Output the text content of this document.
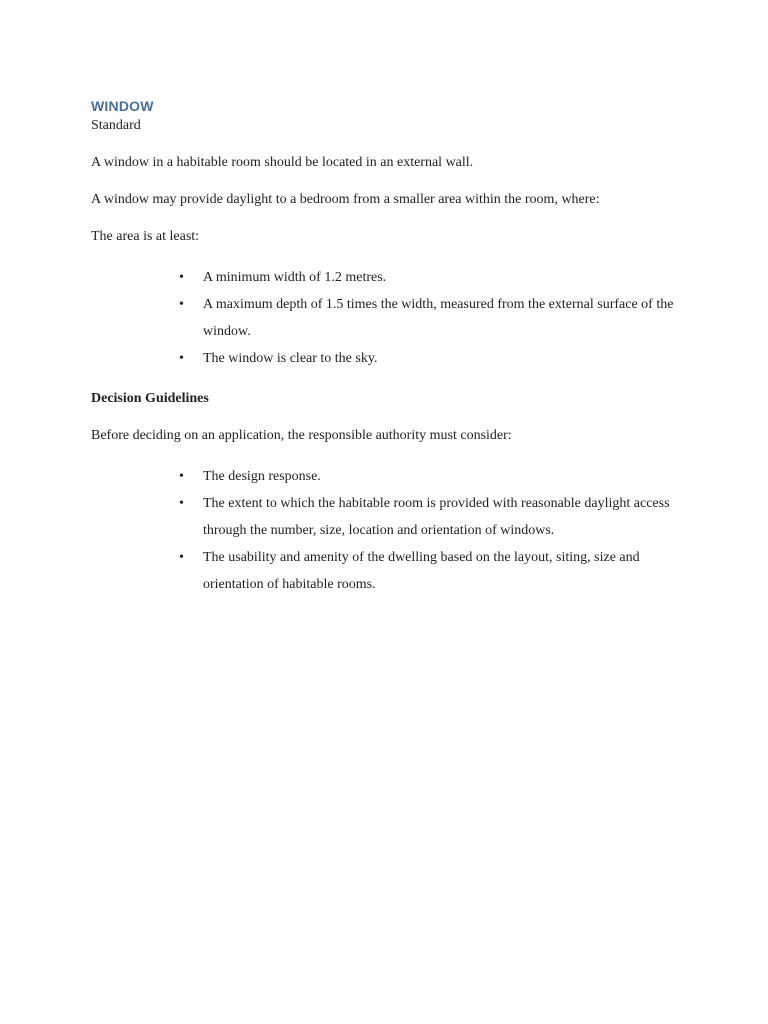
WINDOW
Standard

A window in a habitable room should be located in an external wall.

A window may provide daylight to a bedroom from a smaller area within the room, where:

The area is at least:

• A minimum width of 1.2 metres.
• A maximum depth of 1.5 times the width, measured from the external surface of the window.
• The window is clear to the sky.

Decision Guidelines

Before deciding on an application, the responsible authority must consider:

• The design response.
• The extent to which the habitable room is provided with reasonable daylight access through the number, size, location and orientation of windows.
• The usability and amenity of the dwelling based on the layout, siting, size and orientation of habitable rooms.
